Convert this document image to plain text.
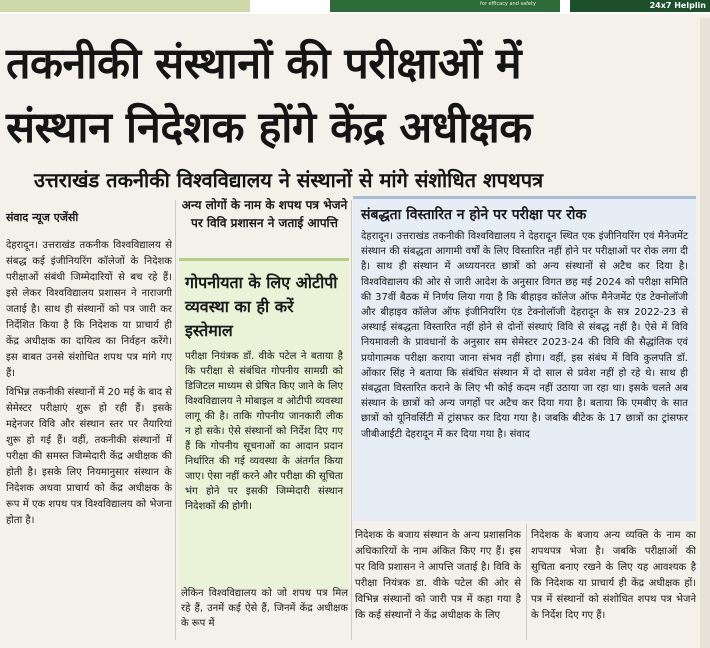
for efficacy and safety	24x7 Helplin
तकनीकी संस्थानों की परीक्षाओं में
संस्थान निदेशक होंगे केंद्र अधीक्षक
उत्तराखंड तकनीकी विश्वविद्यालय ने संस्थानों से मांगे संशोधित शपथपत्र
संवाद न्यूज एजेंसी

देहरादून। उत्तराखंड तकनीक विश्वविद्यालय से संबद्ध कई इंजीनियरिंग कॉलेजों के निदेशक परीक्षाओं संबंधी जिम्मेदारियों से बच रहे हैं। इसे लेकर विश्वविद्यालय प्रशासन ने नाराजगी जताई है। साथ ही संस्थानों को पत्र जारी कर निर्देशित किया है कि निदेशक या प्राचार्य ही केंद्र अधीक्षक का दायित्व का निर्वहन करेंगे। इस बाबत उनसे संशोधित शपथ पत्र मांगे गए हैं।

विभिन्न तकनीकी संस्थानों में 20 मई के बाद से सेमेस्टर परीक्षाएं शुरू हो रही हैं। इसके मद्देनजर विवि और संस्थान स्तर पर तैयारियां शुरू हो गई हैं। वहीं, तकनीकी संस्थानों में परीक्षा की समस्त जिम्मेदारी केंद्र अधीक्षक की होती है। इसके लिए नियमानुसार संस्थान के निदेशक अथवा प्राचार्य को केंद्र अधीक्षक के रूप में एक शपथ पत्र विश्वविद्यालय को भेजना होता है।

अन्य लोगों के नाम के शपथ पत्र भेजने पर विवि प्रशासन ने जताई आपत्ति
गोपनीयता के लिए ओटीपी व्यवस्था का ही करें इस्तेमाल
परीक्षा नियंत्रक डॉ. वीके पटेल ने बताया है कि परीक्षा से संबंधित गोपनीय सामग्री को डिजिटल माध्यम से प्रेषित किए जाने के लिए विश्वविद्यालय ने मोबाइल व ओटीपी व्यवस्था लागू की है। ताकि गोपनीय जानकारी लीक न हो सके। ऐसे संस्थानों को निर्देश दिए गए हैं कि गोपनीय सूचनाओं का आदान प्रदान निर्धारित की गई व्यवस्था के अंतर्गत किया जाए। ऐसा नहीं करने और परीक्षा की सूचिता भंग होने पर इसकी जिम्मेदारी संस्थान निदेशकों की होगी।
लेकिन विश्वविद्यालय को जो शपथ पत्र मिल रहे हैं, उनमें कई ऐसे हैं, जिनमें केंद्र अधीक्षक के रूप में
संबद्धता विस्तारित न होने पर परीक्षा पर रोक
देहरादून। उत्तराखंड तकनीकी विश्वविद्यालय ने देहरादून स्थित एक इंजीनियरिंग एवं मैनेजमेंट संस्थान की संबद्धता आगामी वर्षों के लिए विस्तारित नहीं होने पर परीक्षाओं पर रोक लगा दी है। साथ ही संस्थान में अध्ययनरत छात्रों को अन्य संस्थानों से अटैच कर दिया है। विश्वविद्यालय की ओर से जारी आदेश के अनुसार विगत छह मई 2024 को परीक्षा समिति की 37वीं बैठक में निर्णय लिया गया है कि बीहाइव कॉलेज ऑफ मैनेजमेंट एंड टेक्नोलॉजी और बीहाइव कॉलेज ऑफ इंजीनियरिंग एंड टेक्नोलॉजी देहरादून के सत्र 2022-23 से अस्थाई संबद्धता विस्तारित नहीं होने से दोनों संस्थाएं विवि से संबद्ध नहीं है। ऐसे में विवि नियमावली के प्रावधानों के अनुसार सम सेमेस्टर 2023-24 की विवि की सैद्धांतिक एवं प्रयोगात्मक परीक्षा कराया जाना संभव नहीं होगा। वहीं, इस संबंध में विवि कुलपति डॉ. ओंकार सिंह ने बताया कि संबंधित संस्थान में दो साल से प्रवेश नहीं हो रहे थे। साथ ही संबद्धता विस्तारित कराने के लिए भी कोई कदम नहीं उठाया जा रहा था। इसके चलते अब संस्थान के छात्रों को अन्य जगहों पर अटैच कर दिया गया है। बताया कि एमबीए के सात छात्रों को यूनिवर्सिटी में ट्रांसफर कर दिया गया है। जबकि बीटेक के 17 छात्रों का ट्रांसफर जीबीआईटी देहरादून में कर दिया गया है। संवाद
निदेशक के बजाय संस्थान के अन्य प्रशासनिक अधिकारियों के नाम अंकित किए गए हैं। इस पर विवि प्रशासन ने आपत्ति जताई है। विवि के परीक्षा नियंत्रक डा. वीके पटेल की ओर से विभिन्न संस्थानों को जारी पत्र में कहा गया है कि कई संस्थानों ने केंद्र अधीक्षक के लिए
निदेशक के बजाय अन्य व्यक्ति के नाम का शपथपत्र भेजा है। जबकि परीक्षाओं की सुचिता बनाए रखने के लिए यह आवश्यक है कि निदेशक या प्राचार्य ही केंद्र अधीक्षक हों। पत्र में संस्थानों को संशोधित शपथ पत्र भेजने के निर्देश दिए गए हैं।
